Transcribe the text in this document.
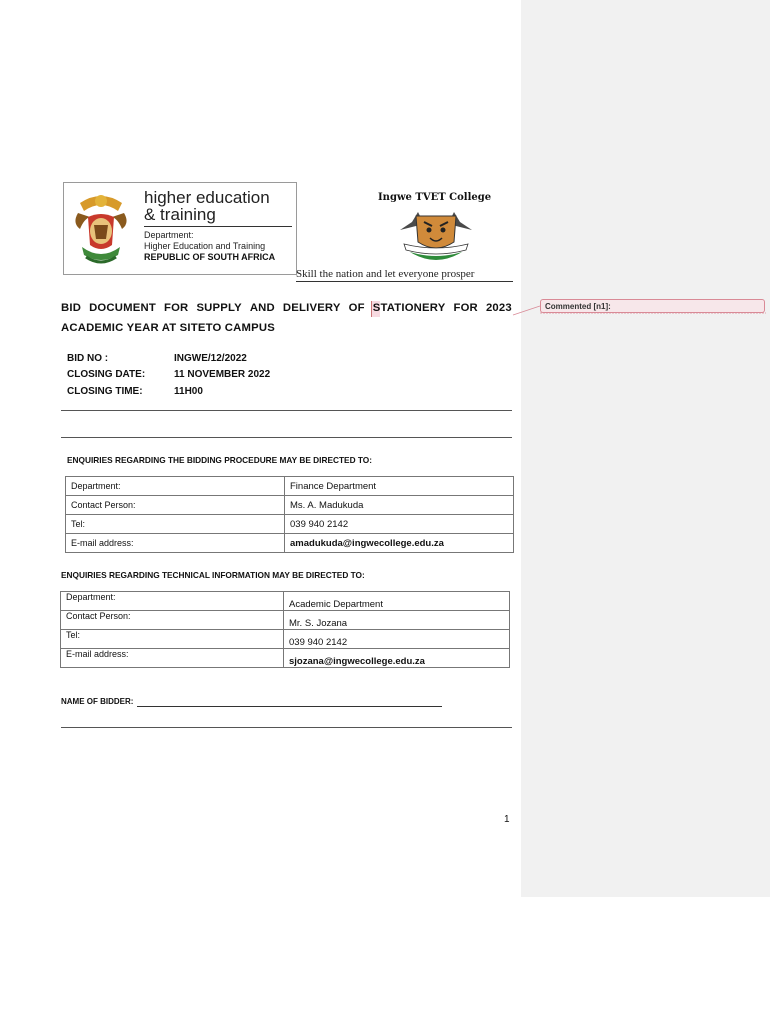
Commented [n1]:
higher education
& training
Department:
Higher Education and Training
REPUBLIC OF SOUTH AFRICA
Ingwe TVET College
Skill the nation and let everyone prosper
BID DOCUMENT FOR SUPPLY AND DELIVERY OF STATIONERY FOR 2023
ACADEMIC YEAR AT SITETO CAMPUS
BID NO :	INGWE/12/2022
CLOSING DATE:	11 NOVEMBER 2022
CLOSING TIME:	11H00
ENQUIRIES REGARDING THE BIDDING PROCEDURE MAY BE DIRECTED TO:
Department:	Finance Department
Contact Person:	Ms. A. Madukuda
Tel:	039 940 2142
E-mail address:	amadukuda@ingwecollege.edu.za
ENQUIRIES REGARDING TECHNICAL INFORMATION MAY BE DIRECTED TO:
Department:	Academic Department
Contact Person:	Mr. S. Jozana
Tel:	039 940 2142
E-mail address:	sjozana@ingwecollege.edu.za
NAME OF BIDDER:
1
